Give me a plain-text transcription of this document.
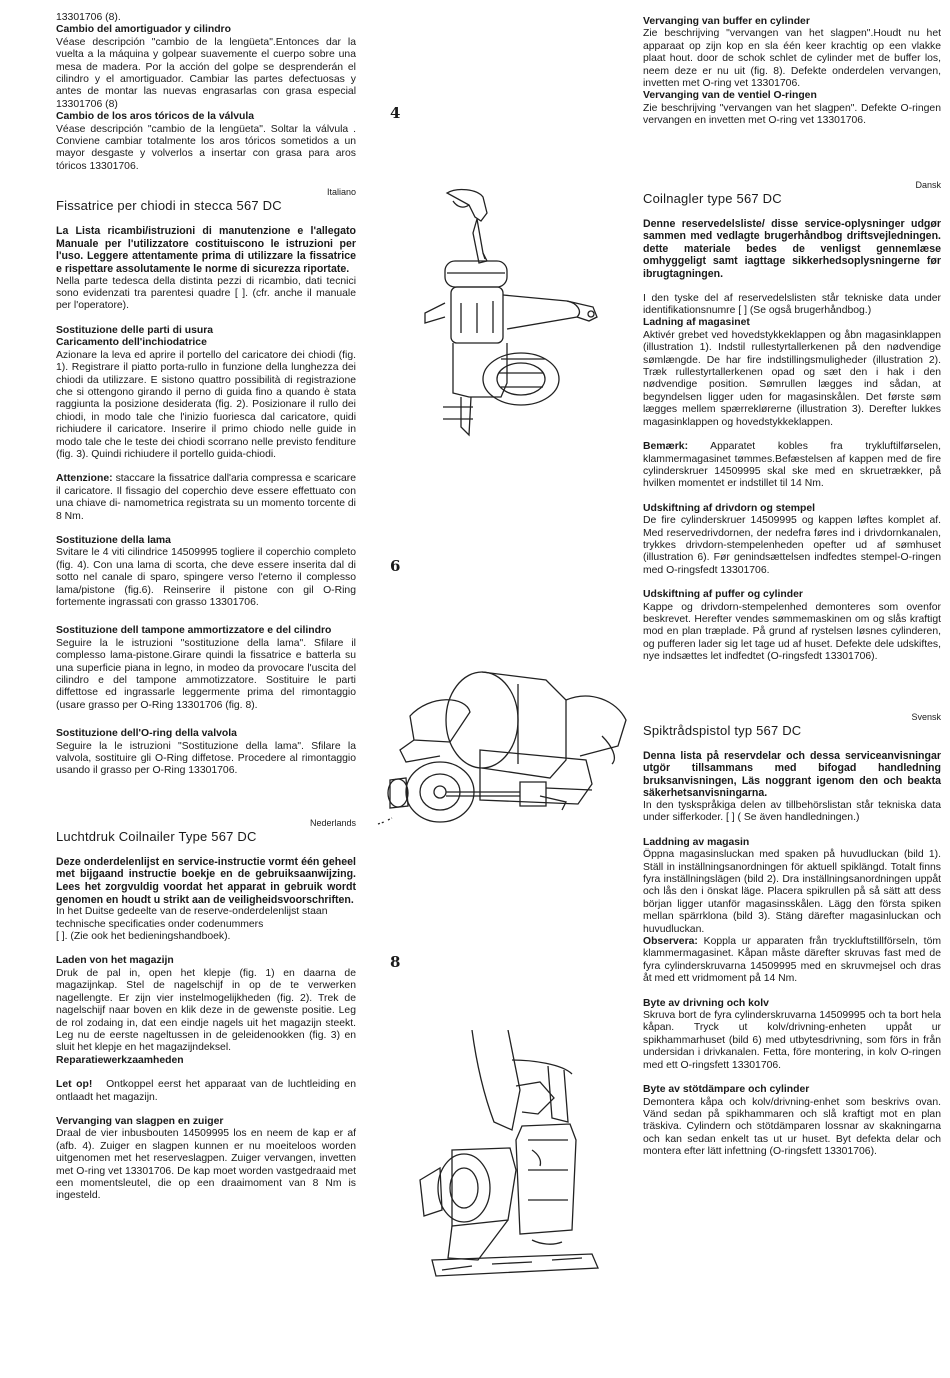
13301706 (8).

Cambio del amortiguador y cilindro

Véase descripción "cambio de la lengüeta".Entonces dar la vuelta a la máquina y golpear suavemente el cuerpo sobre una mesa de madera. Por la acción del golpe se desprenderán el cilindro y el amortiguador. Cambiar las partes defectuosas y antes de montar las nuevas engrasarlas con grasa especial 13301706 (8)

Cambio de los aros tóricos de la válvula

Véase descripción "cambio de la lengüeta". Soltar la válvula . Conviene cambiar totalmente los aros tóricos sometidos a un mayor desgaste y volverlos a insertar con grasa para aros tóricos 13301706.

Italiano

Fissatrice per chiodi in stecca 567 DC

La Lista ricambi/istruzioni di manutenzione e l'allegato Manuale per l'utilizzatore costituiscono le istruzioni per l'uso. Leggere attentamente prima di utilizzare la fissatrice e rispettare assolutamente le norme di sicurezza riportate.

Nella parte tedesca della distinta pezzi di ricambio, dati tecnici sono evidenzati tra parentesi quadre [ ]. (cfr. anche il manuale per l'operatore).

Sostituzione delle parti di usura

Caricamento dell'inchiodatrice

Azionare la leva ed aprire il portello del caricatore dei chiodi (fig. 1). Registrare il piatto porta-rullo in funzione della lunghezza dei chiodi da utilizzare. E sistono quattro possibilità di registrazione che si ottengono girando il perno di guida fino a quando è stata raggiunta la posizione desiderata (fig. 2). Posizionare il rullo dei chiodi, in modo tale che l'inizio fuoriesca dal caricatore, quidi richiudere il caricatore. Inserire il primo chiodo nelle guide in modo tale che le teste dei chiodi scorrano nelle previsto fenditure (fig. 3). Quindi richiudere il portello guida-chiodi.

Attenzione: staccare la fissatrice dall'aria compressa e scaricare il caricatore. Il fissagio del coperchio deve essere effettuato con una chiave di- namometrica registrata su un momento torcente di 8 Nm.

Sostituzione della lama

Svitare le 4 viti cilindrice 14509995 togliere il coperchio completo (fig. 4). Con una lama di scorta, che deve essere inserita dal di sotto nel canale di sparo, spingere verso l'eterno il complesso lama/pistone (fig.6). Reinserire il pistone con gil O-Ring fortemente ingrassati con grasso 13301706.

Sostituzione dell tampone ammortizzatore e del cilindro

Seguire la le istruzioni "sostituzione della lama". Sfilare il complesso lama-pistone.Girare quindi la fissatrice e batterla su una superficie piana in legno, in modeo da provocare l'uscita del cilindro e del tampone ammotizzatore. Sostituire le parti diffettose ed ingrassarle leggermente prima del rimontaggio (usare grasso per O-Ring 13301706 (fig. 8).

Sostituzione dell'O-ring della valvola

Seguire la le istruzioni "Sostituzione della lama". Sfilare la valvola, sostituire gli O-Ring diffetose. Procedere al rimontaggio usando il grasso per O-Ring 13301706.

Nederlands

Luchtdruk Coilnailer Type 567 DC

Deze onderdelenlijst en service-instructie vormt één geheel met bijgaand instructie boekje en de gebruiksaanwijzing. Lees het zorgvuldig voordat het apparat in gebruik wordt genomen en houdt u strikt aan de veiligheidsvoorschriften.

In het Duitse gedeelte van de reserve-onderdelenlijst staan technische specificaties onder codenummers

[ ]. (Zie ook het bedieningshandboek).

Laden von het magazijn

Druk de pal in, open het klepje (fig. 1) en daarna de magazijnkap. Stel de nagelschijf in op de te verwerken nagellengte. Er zijn vier instelmogelijkheden (fig. 2). Trek de nagelschijf naar boven en klik deze in de gewenste positie. Leg de rol zodaing in, dat een eindje nagels uit het magazijn steekt. Leg nu de eerste nageltussen in de geleidenookken (fig. 3) en sluit het klepje en het magazijndeksel.

Reparatiewerkzaamheden

Let op! Ontkoppel eerst het apparaat van de luchtleiding en ontlaadt het magazijn.

Vervanging van slagpen en zuiger

Draal de vier inbusbouten 14509995 los en neem de kap er af (afb. 4). Zuiger en slagpen kunnen er nu moeiteloos worden uitgenomen met het reserveslagpen. Zuiger vervangen, invetten met O-ring vet 13301706. De kap moet worden vastgedraaid met een momentsleutel, die op een draaimoment van 8 Nm is ingesteld.

4
6
8

Vervanging van buffer en cylinder

Zie beschrijving "vervangen van het slagpen".Houdt nu het apparaat op zijn kop en sla één keer krachtig op een vlakke plaat hout. door de schok schlet de cylinder met de buffer los, neem deze er nu uit (fig. 8). Defekte onderdelen vervangen, invetten met O-ring vet 13301706.

Vervanging van de ventiel O-ringen

Zie beschrijving "vervangen van het slagpen". Defekte O-ringen vervangen en invetten met O-ring vet 13301706.

Dansk

Coilnagler type 567 DC

Denne reservedelsliste/ disse service-oplysninger udgør sammen med vedlagte brugerhåndbog driftsvejledningen. dette materiale bedes de venligst gennemlæse omhyggeligt samt iagttage sikkerhedsoplysningerne før ibrugtagningen.

I den tyske del af reservedelslisten står tekniske data under identifikationsnumre [ ] (Se også brugerhåndbog.)

Ladning af magasinet

Aktivér grebet ved hovedstykkeklappen og åbn magasinklappen (illustration 1). Indstil rullestyrtallerkenen på den nødvendige sømlængde. De har fire indstillingsmuligheder (illustration 2). Træk rullestyrtallerkenen opad og sæt den i hak i den nødvendige position. Sømrullen lægges ind sådan, at begyndelsen ligger uden for magasinskålen. Det første søm lægges mellem spærreklørerne (illustration 3). Derefter lukkes magasinklappen og hovedstykkeklappen.

Bemærk: Apparatet kobles fra trykluftilførselen, klammermagasinet tømmes.Befæstelsen af kappen med de fire cylinderskruer 14509995 skal ske med en skruetrækker, på hvilken momentet er indstillet til 14 Nm.

Udskiftning af drivdorn og stempel

De fire cylinderskruer 14509995 og kappen løftes komplet af. Med reservedrivdornen, der nedefra føres ind i drivdornkanalen, trykkes drivdorn-stempelenheden opefter ud af sømhuset (illustration 6). Før genindsættelsen indfedtes stempel-O-ringen med O-ringsfedt 13301706.

Udskiftning af puffer og cylinder

Kappe og drivdorn-stempelenhed demonteres som ovenfor beskrevet. Herefter vendes sømmemaskinen om og slås kraftigt mod en plan træplade. På grund af rystelsen løsnes cylinderen, og pufferen lader sig let tage ud af huset. Defekte dele udskiftes, nye indsættes let indfedtet (O-ringsfedt 13301706).

Svensk

Spiktrådspistol typ 567 DC

Denna lista på reservdelar och dessa serviceanvisningar utgör tillsammans med bifogad handledning bruksanvisningen, Läs noggrant igenom den och beakta säkerhetsanvisningarna.

In den tyskspråkiga delen av tillbehörslistan står tekniska data under sifferkoder. [ ] ( Se även handledningen.)

Laddning av magasin

Öppna magasinsluckan med spaken på huvudluckan (bild 1). Ställ in inställningsanordningen för aktuell spiklängd. Totalt finns fyra inställningslägen (bild 2). Dra inställningsanordningen uppåt och lås den i önskat läge. Placera spikrullen på så sätt att dess början ligger utanför magasinsskålen. Lägg den första spiken mellan spärrklona (bild 3). Stäng därefter magasinluckan och huvudluckan.

Observera: Koppla ur apparaten från tryckluftstillförseln, töm klammermagasinet. Kåpan måste därefter skruvas fast med de fyra cylinderskruvarna 14509995 med en skruvmejsel och dras åt med ett vridmoment på 14 Nm.

Byte av drivning och kolv

Skruva bort de fyra cylinderskruvarna 14509995 och ta bort hela kåpan. Tryck ut kolv/drivning-enheten uppåt ur spikhammarhuset (bild 6) med utbytesdrivning, som förs in från undersidan i drivkanalen. Fetta, före montering, in kolv O-ringen med ett O-ringsfett 13301706.

Byte av stötdämpare och cylinder

Demontera kåpa och kolv/drivning-enhet som beskrivs ovan. Vänd sedan på spikhammaren och slå kraftigt mot en plan träskiva. Cylindern och stötdämparen lossnar av skakningarna och kan sedan enkelt tas ut ur huset. Byt defekta delar och montera efter lätt infettning (O-ringsfett 13301706).
